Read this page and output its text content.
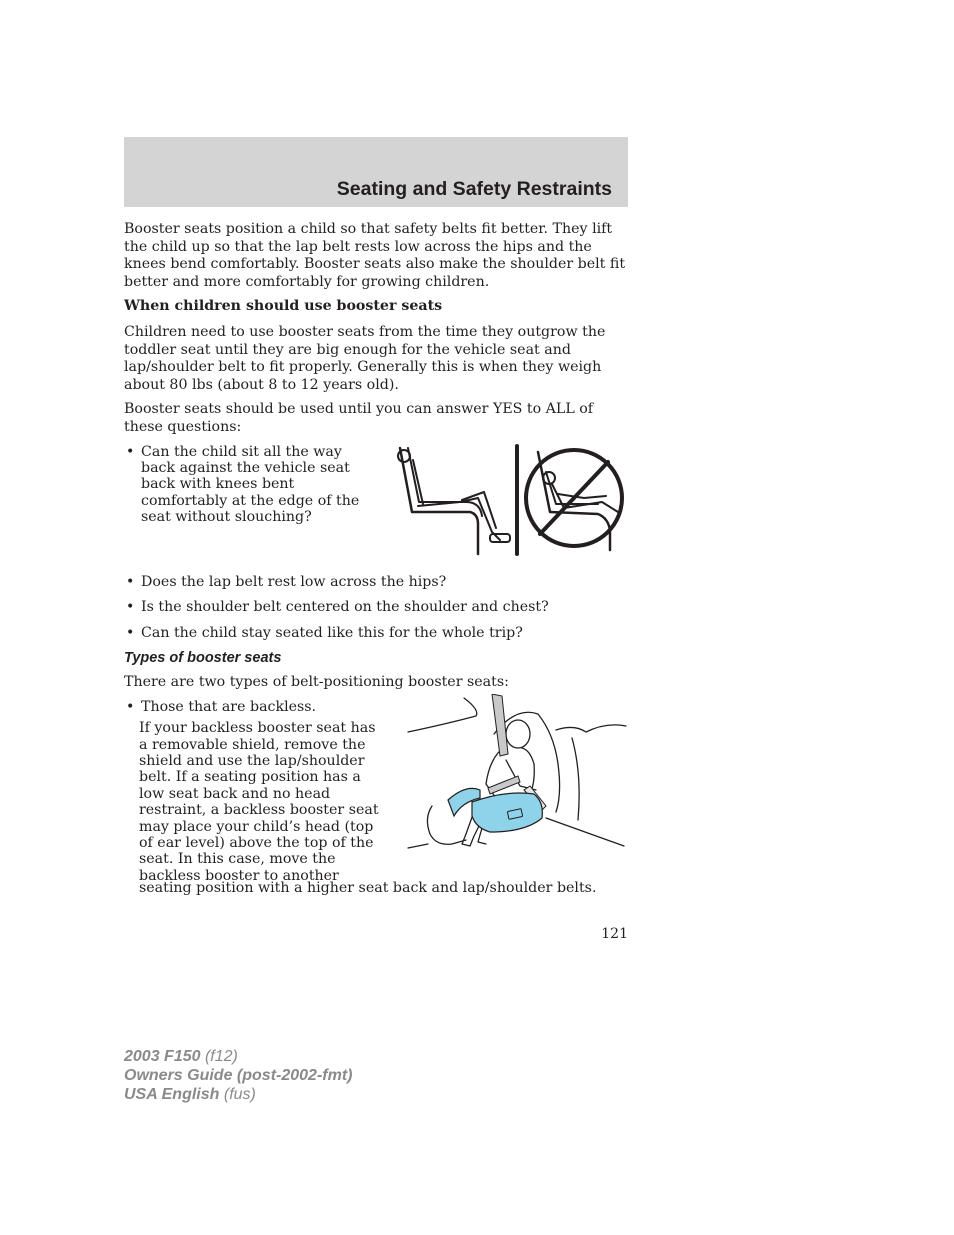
Seating and Safety Restraints

Booster seats position a child so that safety belts fit better. They lift the child up so that the lap belt rests low across the hips and the knees bend comfortably. Booster seats also make the shoulder belt fit better and more comfortably for growing children.

When children should use booster seats

Children need to use booster seats from the time they outgrow the toddler seat until they are big enough for the vehicle seat and lap/shoulder belt to fit properly. Generally this is when they weigh about 80 lbs (about 8 to 12 years old).

Booster seats should be used until you can answer YES to ALL of these questions:

• Can the child sit all the way back against the vehicle seat back with knees bent comfortably at the edge of the seat without slouching?
• Does the lap belt rest low across the hips?
• Is the shoulder belt centered on the shoulder and chest?
• Can the child stay seated like this for the whole trip?
Types of booster seats

There are two types of belt-positioning booster seats:

• Those that are backless.
If your backless booster seat has a removable shield, remove the shield and use the lap/shoulder belt. If a seating position has a low seat back and no head restraint, a backless booster seat may place your child’s head (top of ear level) above the top of the seat. In this case, move the backless booster to another
seating position with a higher seat back and lap/shoulder belts.
121
2003 F150 (f12)
Owners Guide (post-2002-fmt)
USA English (fus)
